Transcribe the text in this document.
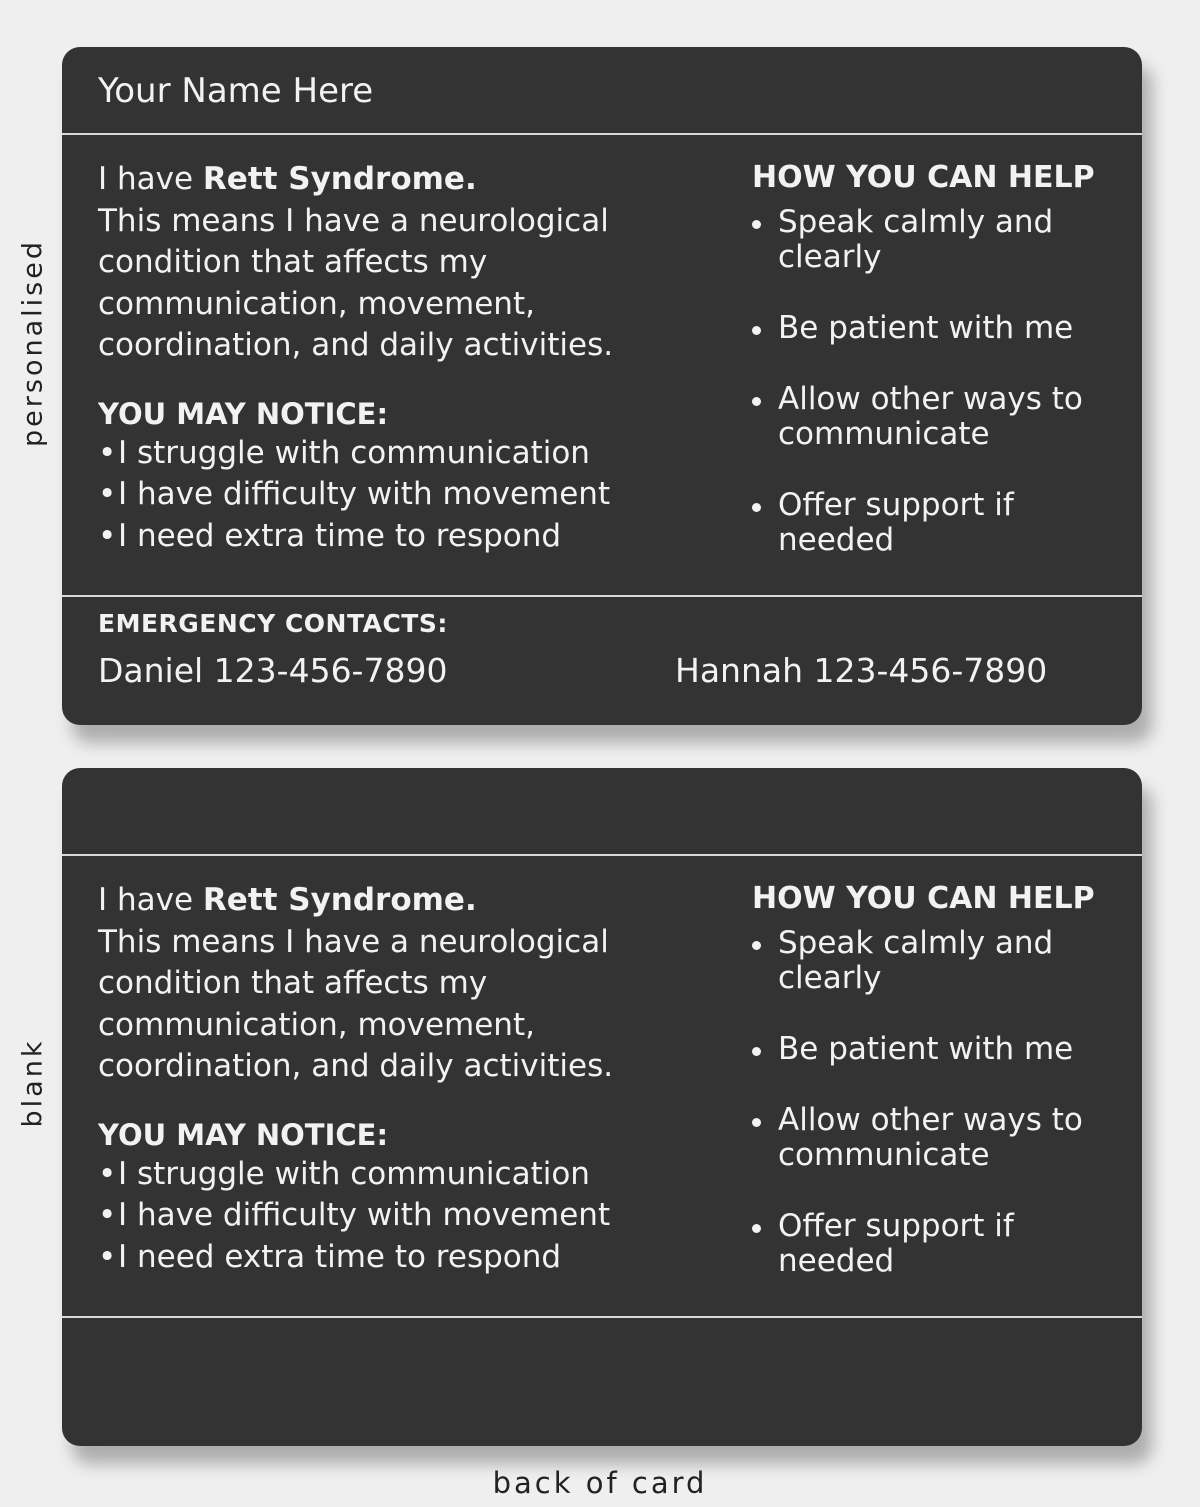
personalised
blank
Your Name Here

I have Rett Syndrome.
This means I have a neurological condition that affects my communication, movement, coordination, and daily activities.

YOU MAY NOTICE:
•I struggle with communication
•I have difficulty with movement
•I need extra time to respond
HOW YOU CAN HELP
Speak calmly and clearly
Be patient with me
Allow other ways to communicate
Offer support if needed
EMERGENCY CONTACTS:
Daniel 123-456-7890	Hannah 123-456-7890

I have Rett Syndrome.
This means I have a neurological condition that affects my communication, movement, coordination, and daily activities.

YOU MAY NOTICE:
•I struggle with communication
•I have difficulty with movement
•I need extra time to respond
HOW YOU CAN HELP
Speak calmly and clearly
Be patient with me
Allow other ways to communicate
Offer support if needed
back of card
